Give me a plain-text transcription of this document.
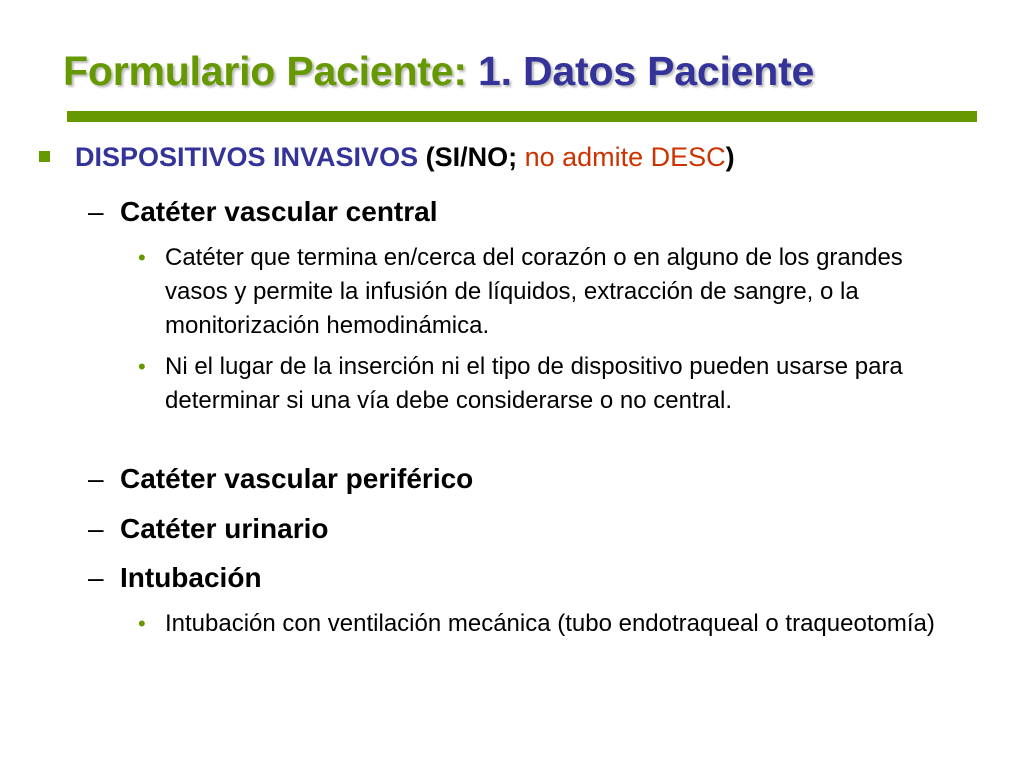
Formulario Paciente: 1. Datos Paciente
DISPOSITIVOS INVASIVOS (SI/NO; no admite DESC)
– Catéter vascular central
• Catéter que termina en/cerca del corazón o en alguno de los grandes vasos y permite la infusión de líquidos, extracción de sangre, o la monitorización hemodinámica.
• Ni el lugar de la inserción ni el tipo de dispositivo pueden usarse para determinar si una vía debe considerarse o no central.
– Catéter vascular periférico
– Catéter urinario
– Intubación
• Intubación con ventilación mecánica (tubo endotraqueal o traqueotomía)
